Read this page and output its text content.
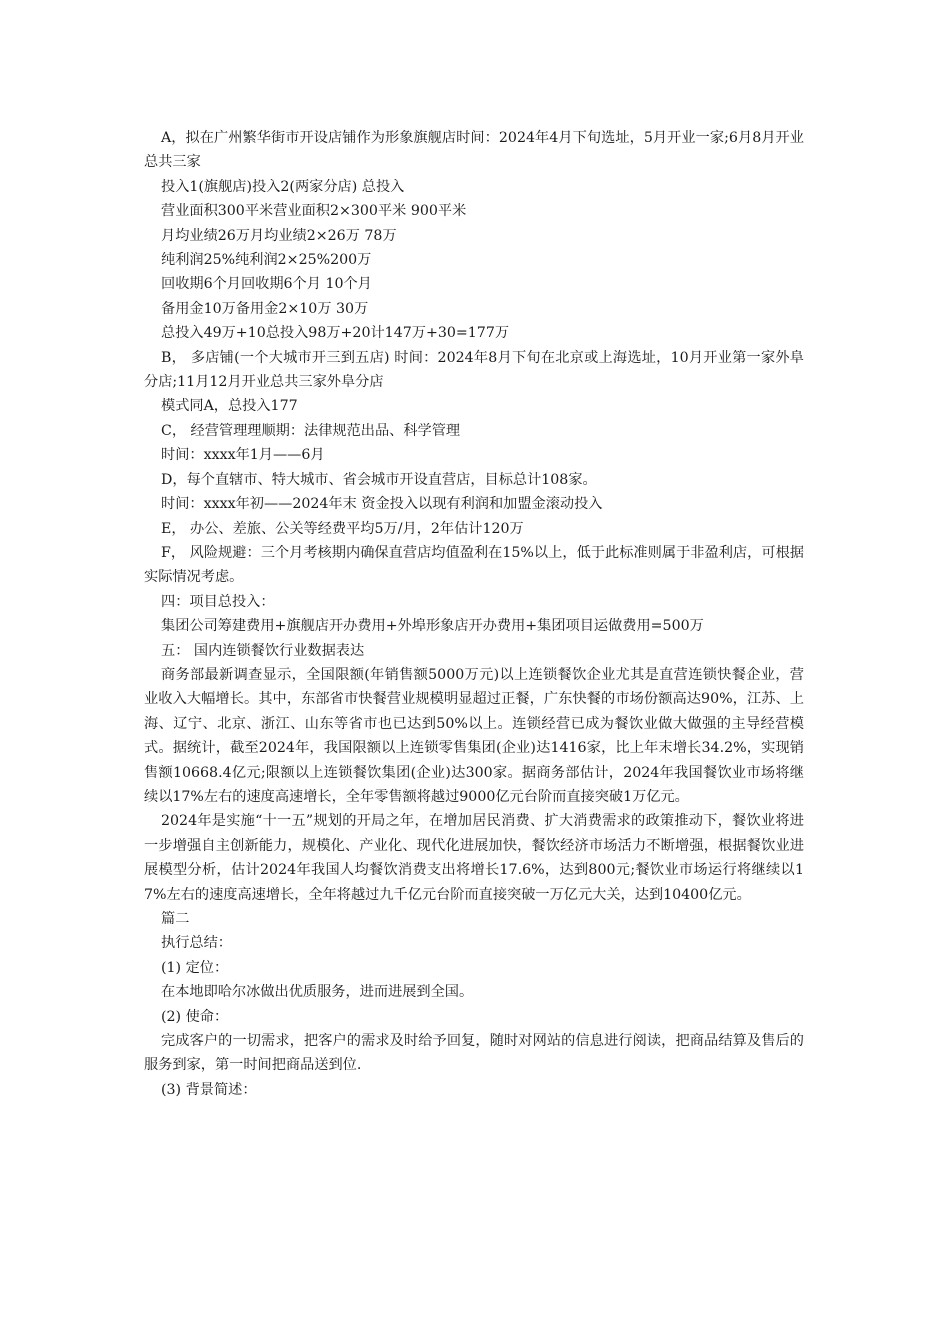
A，拟在广州繁华街市开设店铺作为形象旗舰店时间：2024年4月下旬选址，5月开业一家;6月8月开业总共三家

投入1(旗舰店)投入2(两家分店) 总投入

营业面积300平米营业面积2×300平米 900平米

月均业绩26万月均业绩2×26万 78万

纯利润25%纯利润2×25%200万

回收期6个月回收期6个月 10个月

备用金10万备用金2×10万 30万

总投入49万+10总投入98万+20计147万+30=177万

B， 多店铺(一个大城市开三到五店) 时间：2024年8月下旬在北京或上海选址，10月开业第一家外阜分店;11月12月开业总共三家外阜分店

模式同A，总投入177

C， 经营管理理顺期：法律规范出品、科学管理

时间：xxxx年1月——6月

D，每个直辖市、特大城市、省会城市开设直营店，目标总计108家。

时间：xxxx年初——2024年末 资金投入以现有利润和加盟金滚动投入

E， 办公、差旅、公关等经费平均5万/月，2年估计120万

F， 风险规避：三个月考核期内确保直营店均值盈利在15%以上，低于此标准则属于非盈利店，可根据实际情况考虑。

四：项目总投入：

集团公司筹建费用+旗舰店开办费用+外埠形象店开办费用+集团项目运做费用=500万

五： 国内连锁餐饮行业数据表达

商务部最新调查显示，全国限额(年销售额5000万元)以上连锁餐饮企业尤其是直营连锁快餐企业，营业收入大幅增长。其中，东部省市快餐营业规模明显超过正餐，广东快餐的市场份额高达90%，江苏、上海、辽宁、北京、浙江、山东等省市也已达到50%以上。连锁经营已成为餐饮业做大做强的主导经营模式。据统计，截至2024年，我国限额以上连锁零售集团(企业)达1416家，比上年末增长34.2%，实现销售额10668.4亿元;限额以上连锁餐饮集团(企业)达300家。据商务部估计，2024年我国餐饮业市场将继续以17%左右的速度高速增长，全年零售额将越过9000亿元台阶而直接突破1万亿元。

2024年是实施“十一五”规划的开局之年，在增加居民消费、扩大消费需求的政策推动下，餐饮业将进一步增强自主创新能力，规模化、产业化、现代化进展加快，餐饮经济市场活力不断增强，根据餐饮业进展模型分析，估计2024年我国人均餐饮消费支出将增长17.6%，达到800元;餐饮业市场运行将继续以17%左右的速度高速增长，全年将越过九千亿元台阶而直接突破一万亿元大关，达到10400亿元。

篇二

执行总结：

(1) 定位：

在本地即哈尔冰做出优质服务，进而进展到全国。

(2) 使命：

完成客户的一切需求，把客户的需求及时给予回复，随时对网站的信息进行阅读，把商品结算及售后的服务到家，第一时间把商品送到位.

(3) 背景简述：
